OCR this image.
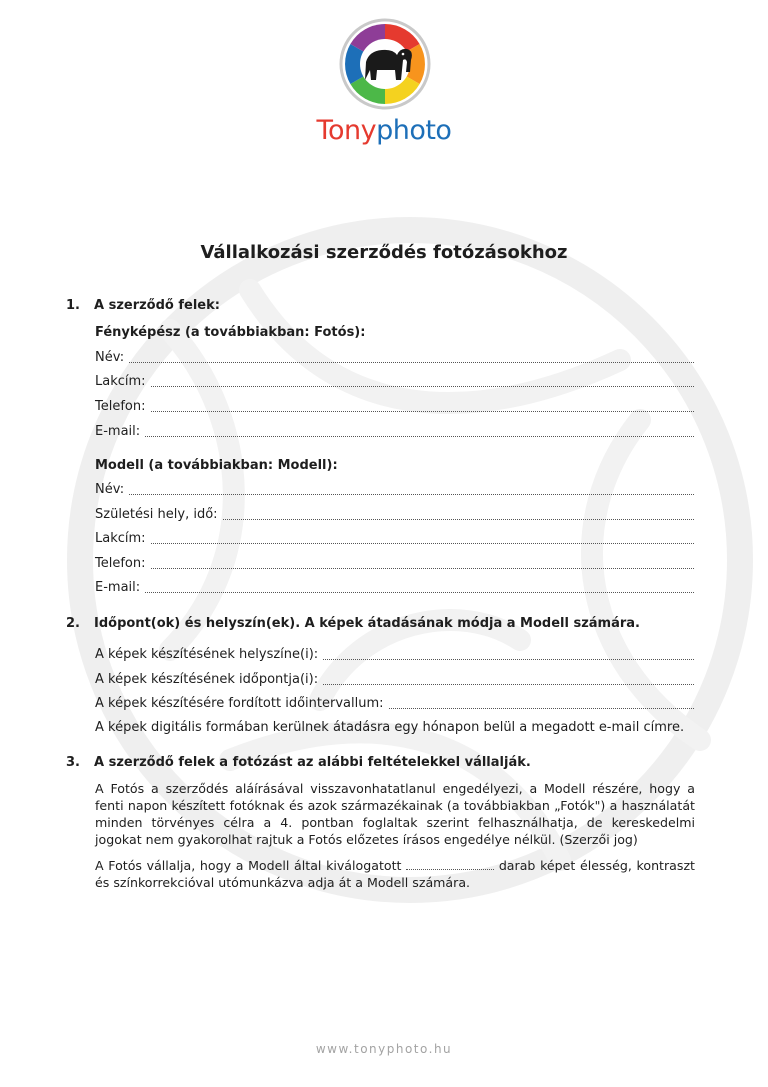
Tonyphoto
Vállalkozási szerződés fotózásokhoz
1.	A szerződő felek:
Fényképész (a továbbiakban: Fotós):
Név:
Lakcím:
Telefon:
E-mail:
Modell (a továbbiakban: Modell):
Név:
Születési hely, idő:
Lakcím:
Telefon:
E-mail:
2.	Időpont(ok) és helyszín(ek). A képek átadásának módja a Modell számára.
A képek készítésének helyszíne(i):
A képek készítésének időpontja(i):
A képek készítésére fordított időintervallum:
A képek digitális formában kerülnek átadásra egy hónapon belül a megadott e-mail címre.
3.	A szerződő felek a fotózást az alábbi feltételekkel vállalják.
A Fotós a szerződés aláírásával visszavonhatatlanul engedélyezi, a Modell részére, hogy a fenti napon készített fotóknak és azok származékainak (a továbbiakban „Fotók") a használatát minden törvényes célra a 4. pontban foglaltak szerint felhasználhatja, de kereskedelmi jogokat nem gyakorolhat rajtuk a Fotós előzetes írásos engedélye nélkül. (Szerzői jog)
A Fotós vállalja, hogy a Modell által kiválogatott	darab képet élesség, kontraszt és színkorrekcióval utómunkázva adja át a Modell számára.
www.tonyphoto.hu
